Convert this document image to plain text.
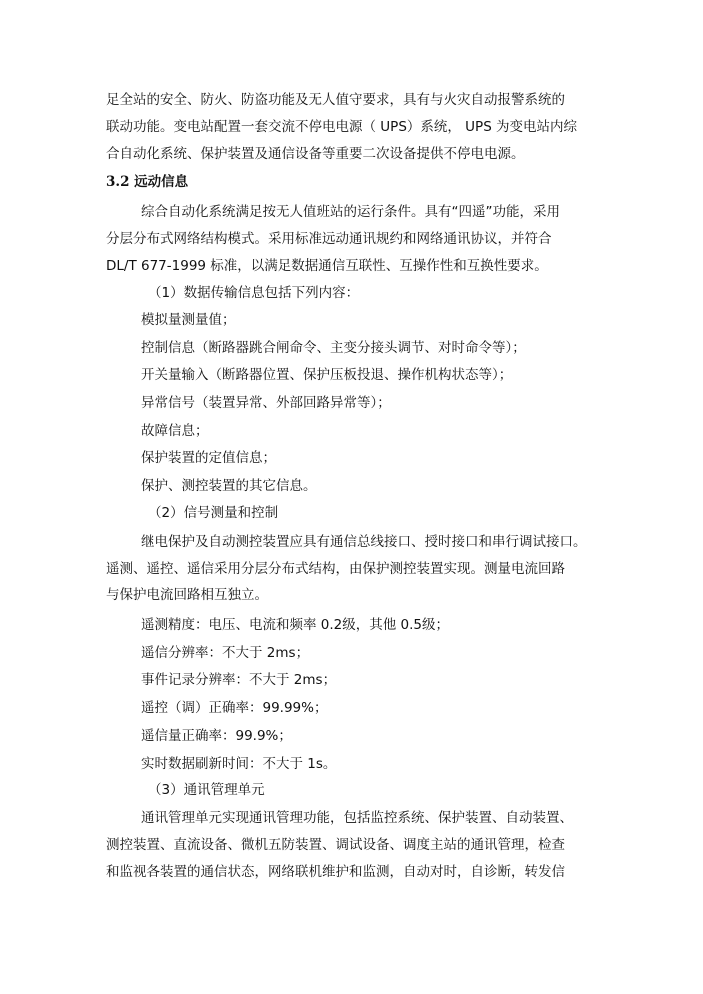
足全站的安全、防火、防盗功能及无人值守要求，具有与火灾自动报警系统的
联动功能。变电站配置一套交流不停电电源（ UPS）系统， UPS 为变电站内综
合自动化系统、保护装置及通信设备等重要二次设备提供不停电电源。
3.2 远动信息
综合自动化系统满足按无人值班站的运行条件。具有“四遥”功能，采用
分层分布式网络结构模式。采用标准远动通讯规约和网络通讯协议，并符合
DL/T 677-1999 标准，以满足数据通信互联性、互操作性和互换性要求。
（1）数据传输信息包括下列内容：
模拟量测量值；
控制信息（断路器跳合闸命令、主变分接头调节、对时命令等）；
开关量输入（断路器位置、保护压板投退、操作机构状态等）；
异常信号（装置异常、外部回路异常等）；
故障信息；
保护装置的定值信息；
保护、测控装置的其它信息。
（2）信号测量和控制
继电保护及自动测控装置应具有通信总线接口、授时接口和串行调试接口。
遥测、遥控、遥信采用分层分布式结构，由保护测控装置实现。测量电流回路
与保护电流回路相互独立。
遥测精度：电压、电流和频率 0.2级，其他 0.5级；
遥信分辨率：不大于 2ms；
事件记录分辨率：不大于 2ms；
遥控（调）正确率：99.99%；
遥信量正确率：99.9%；
实时数据刷新时间：不大于 1s。
（3）通讯管理单元
通讯管理单元实现通讯管理功能，包括监控系统、保护装置、自动装置、
测控装置、直流设备、微机五防装置、调试设备、调度主站的通讯管理，检查
和监视各装置的通信状态，网络联机维护和监测，自动对时，自诊断，转发信
